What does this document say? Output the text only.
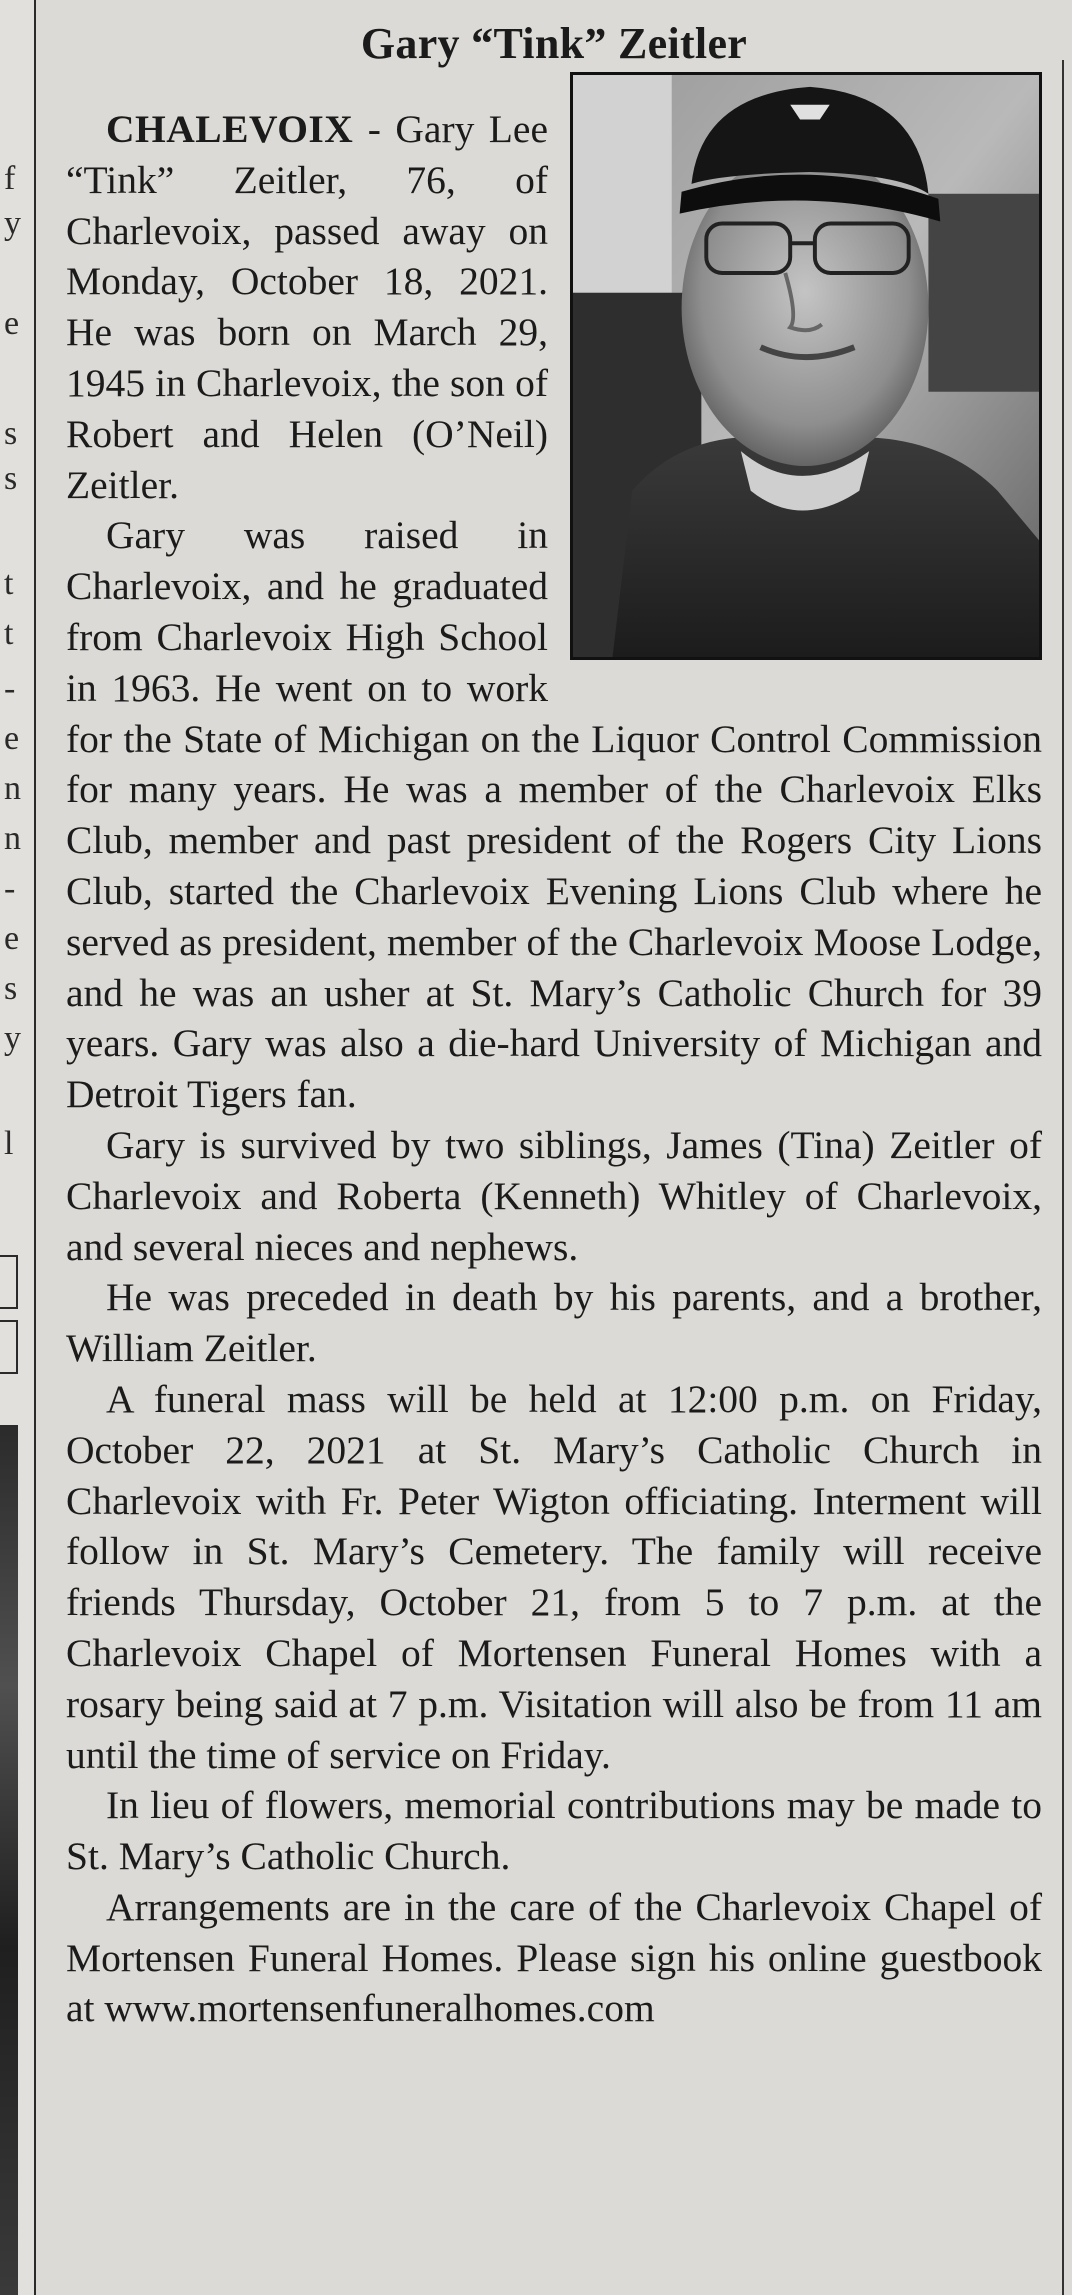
f
y
e
s
s
t
t
-
e
n
n
-
e
s
y
l
Gary “Tink” Zeitler

CHALEVOIX - Gary Lee “Tink” Zeitler, 76, of Charlevoix, passed away on Monday, October 18, 2021. He was born on March 29, 1945 in Charlevoix, the son of Robert and Helen (O’Neil) Zeitler.

Gary was raised in Charlevoix, and he graduated from Charlevoix High School in 1963. He went on to work for the State of Michigan on the Liquor Control Commission for many years. He was a member of the Charlevoix Elks Club, member and past president of the Rogers City Lions Club, started the Charlevoix Evening Lions Club where he served as president, member of the Charlevoix Moose Lodge, and he was an usher at St. Mary’s Catholic Church for 39 years. Gary was also a die-hard University of Michigan and Detroit Tigers fan.

Gary is survived by two siblings, James (Tina) Zeitler of Charlevoix and Roberta (Kenneth) Whitley of Charlevoix, and several nieces and nephews.

He was preceded in death by his parents, and a brother, William Zeitler.

A funeral mass will be held at 12:00 p.m. on Friday, October 22, 2021 at St. Mary’s Catholic Church in Charlevoix with Fr. Peter Wigton officiating. Interment will follow in St. Mary’s Cemetery. The family will receive friends Thursday, October 21, from 5 to 7 p.m. at the Charlevoix Chapel of Mortensen Funeral Homes with a rosary being said at 7 p.m. Visitation will also be from 11 am until the time of service on Friday.

In lieu of flowers, memorial contributions may be made to St. Mary’s Catholic Church.

Arrangements are in the care of the Charlevoix Chapel of Mortensen Funeral Homes. Please sign his online guestbook at www.mortensenfuneralhomes.com
